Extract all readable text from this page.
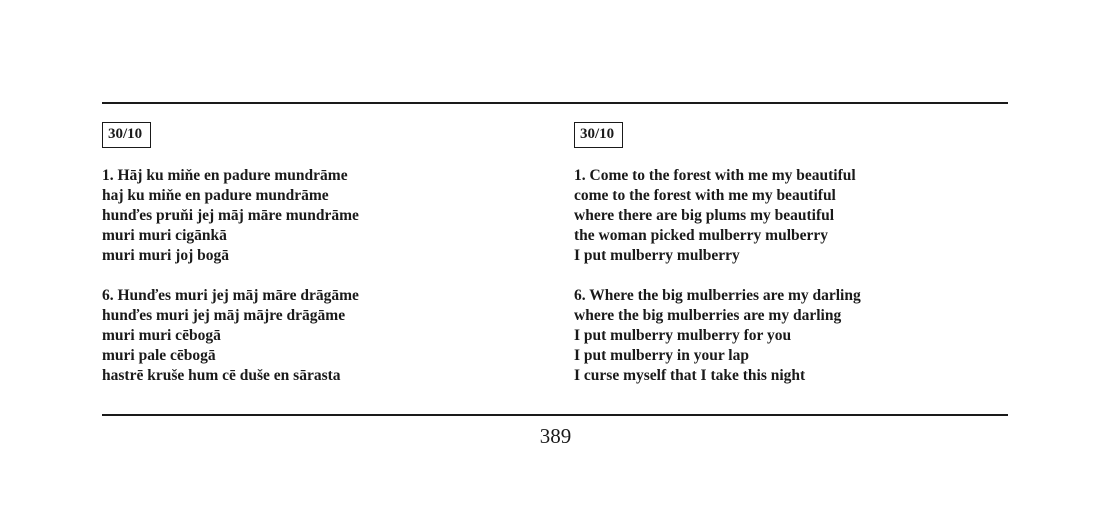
30/10
1. Hāj ku miňe en padure mundrāme
haj ku miňe en padure mundrāme
hunďes pruňi jej māj māre mundrāme
muri muri cigānkā
muri muri joj bogā
6. Hunďes muri jej māj māre drāgāme
hunďes muri jej māj mājre drāgāme
muri muri cēbogā
muri pale cēbogā
hastrē kruše hum cē duše en sārasta
30/10
1. Come to the forest with me my beautiful
come to the forest with me my beautiful
where there are big plums my beautiful
the woman picked mulberry mulberry
I put mulberry mulberry
6. Where the big mulberries are my darling
where the big mulberries are my darling
I put mulberry mulberry for you
I put mulberry in your lap
I curse myself that I take this night
389
